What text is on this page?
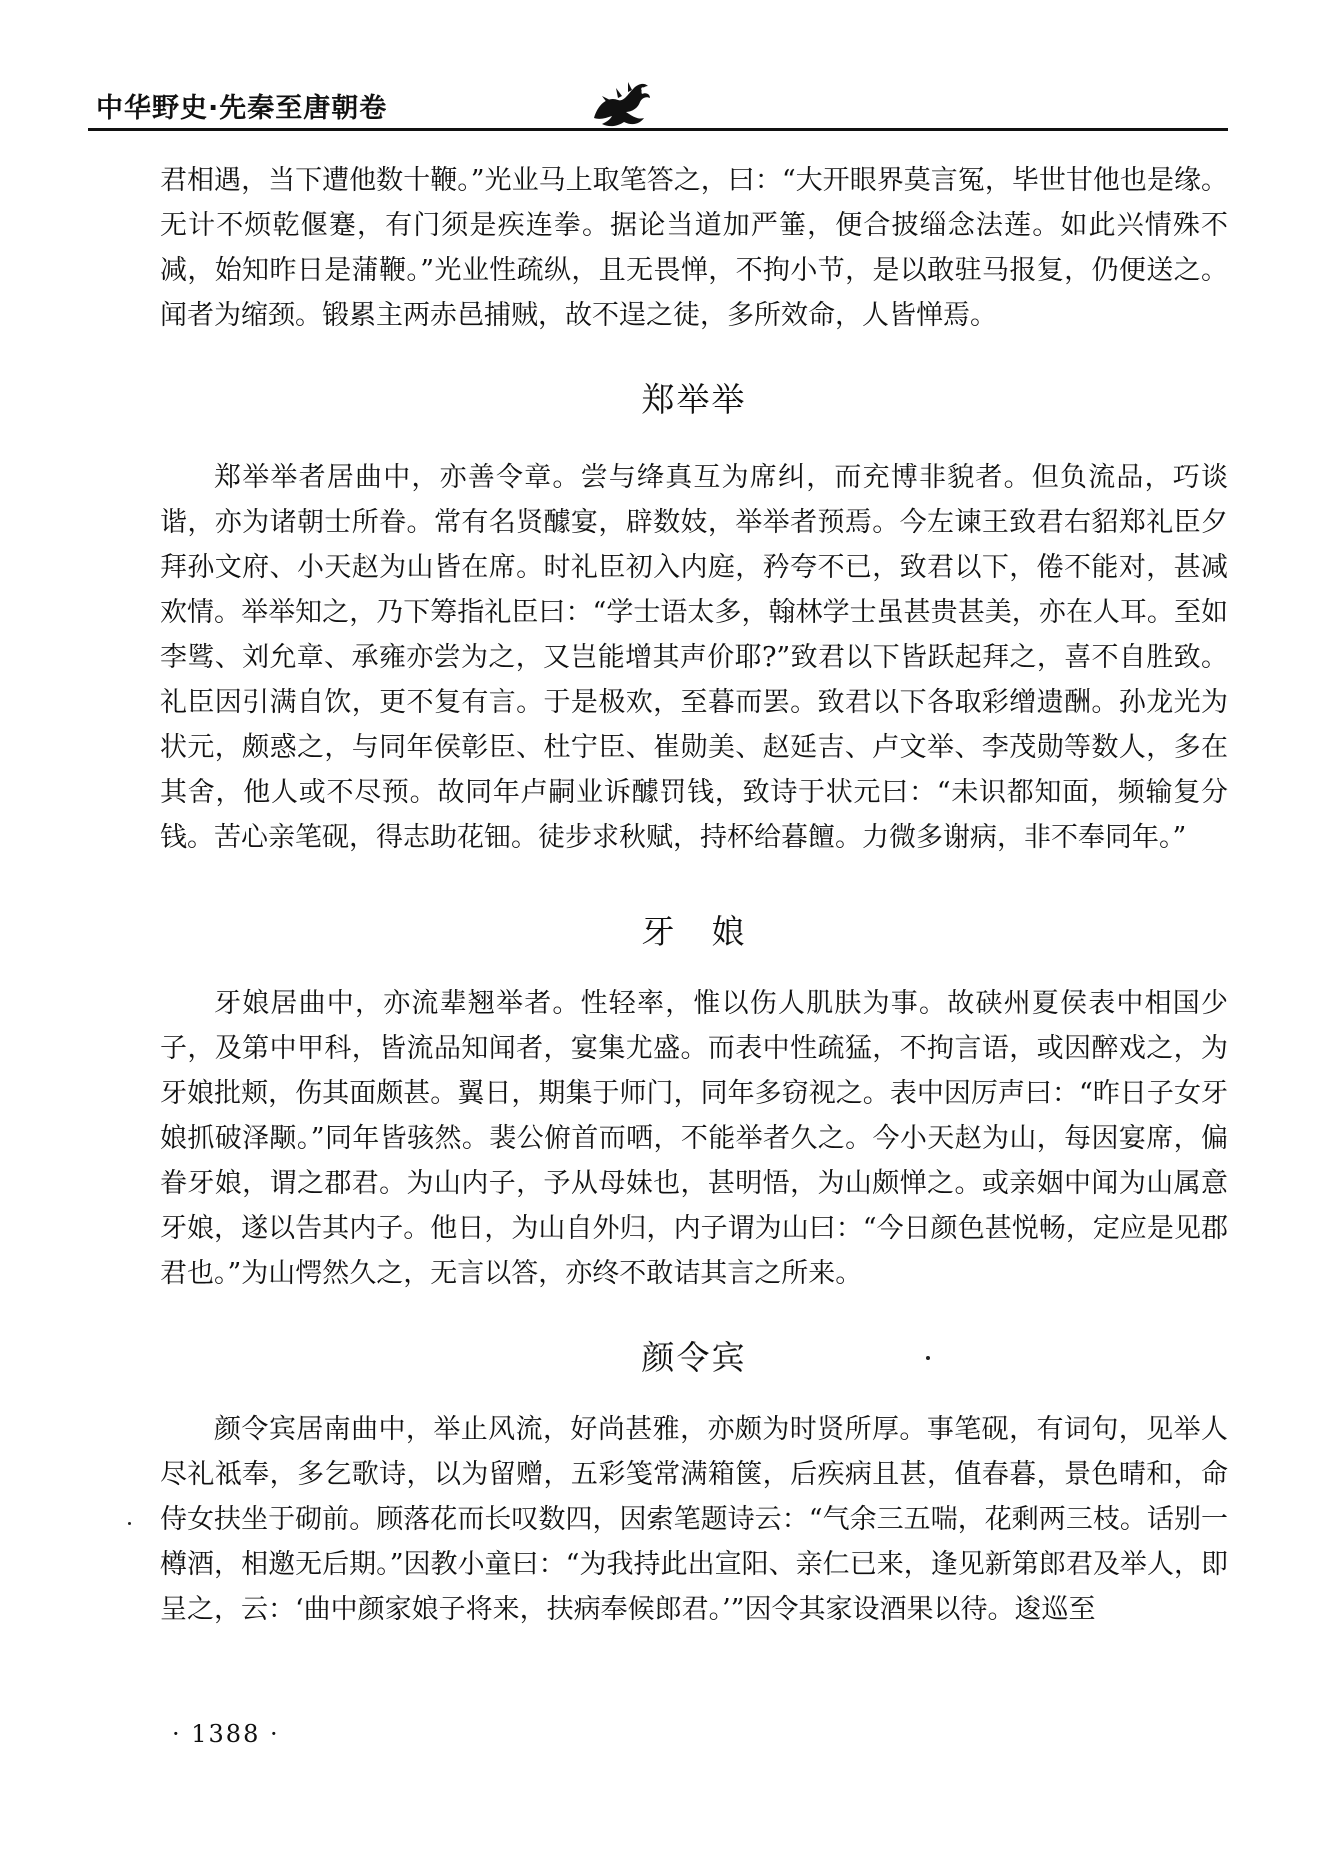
中华野史·先秦至唐朝卷

君相遇，当下遭他数十鞭。”光业马上取笔答之，曰：“大开眼界莫言冤，毕世甘他也是缘。无计不烦乾偃蹇，有门须是疾连拳。据论当道加严箠，便合披缁念法莲。如此兴情殊不减，始知昨日是蒲鞭。”光业性疏纵，且无畏惮，不拘小节，是以敢驻马报复，仍便送之。闻者为缩颈。锻累主两赤邑捕贼，故不逞之徒，多所效命，人皆惮焉。

郑举举

郑举举者居曲中，亦善令章。尝与绛真互为席纠，而充博非貌者。但负流品，巧谈谐，亦为诸朝士所眷。常有名贤醵宴，辟数妓，举举者预焉。今左谏王致君右貂郑礼臣夕拜孙文府、小天赵为山皆在席。时礼臣初入内庭，矜夸不已，致君以下，倦不能对，甚减欢情。举举知之，乃下筹指礼臣曰：“学士语太多，翰林学士虽甚贵甚美，亦在人耳。至如李骘、刘允章、承雍亦尝为之，又岂能增其声价耶?”致君以下皆跃起拜之，喜不自胜致。礼臣因引满自饮，更不复有言。于是极欢，至暮而罢。致君以下各取彩缯遗酬。孙龙光为状元，颇惑之，与同年侯彰臣、杜宁臣、崔勋美、赵延吉、卢文举、李茂勋等数人，多在其舍，他人或不尽预。故同年卢嗣业诉醵罚钱，致诗于状元曰：“未识都知面，频输复分钱。苦心亲笔砚，得志助花钿。徒步求秋赋，持杯给暮饘。力微多谢病，非不奉同年。”

牙　娘

牙娘居曲中，亦流辈翘举者。性轻率，惟以伤人肌肤为事。故硖州夏侯表中相国少子，及第中甲科，皆流品知闻者，宴集尤盛。而表中性疏猛，不拘言语，或因醉戏之，为牙娘批颊，伤其面颇甚。翼日，期集于师门，同年多窃视之。表中因厉声曰：“昨日子女牙娘抓破泽颙。”同年皆骇然。裴公俯首而哂，不能举者久之。今小天赵为山，每因宴席，偏眷牙娘，谓之郡君。为山内子，予从母妹也，甚明悟，为山颇惮之。或亲姻中闻为山属意牙娘，遂以告其内子。他日，为山自外归，内子谓为山曰：“今日颜色甚悦畅，定应是见郡君也。”为山愕然久之，无言以答，亦终不敢诘其言之所来。

颜令宾

颜令宾居南曲中，举止风流，好尚甚雅，亦颇为时贤所厚。事笔砚，有词句，见举人尽礼祗奉，多乞歌诗，以为留赠，五彩笺常满箱箧，后疾病且甚，值春暮，景色晴和，命侍女扶坐于砌前。顾落花而长叹数四，因索笔题诗云：“气余三五喘，花剩两三枝。话别一樽酒，相邀无后期。”因教小童曰：“为我持此出宣阳、亲仁已来，逢见新第郎君及举人，即呈之，云：‘曲中颜家娘子将来，扶病奉候郎君。’”因令其家设酒果以待。逡巡至

· 1388 ·
